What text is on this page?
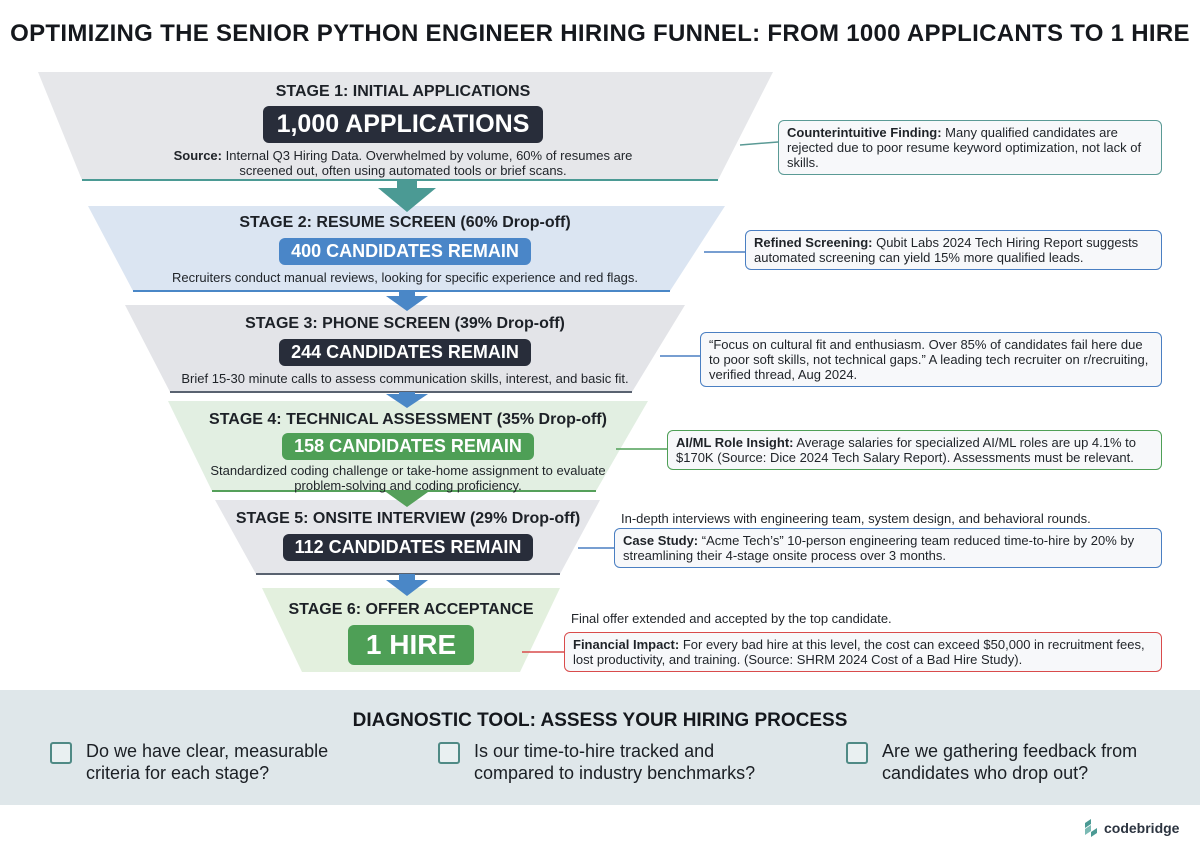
OPTIMIZING THE SENIOR PYTHON ENGINEER HIRING FUNNEL: FROM 1000 APPLICANTS TO 1 HIRE
STAGE 1: INITIAL APPLICATIONS
1,000 APPLICATIONS
Source: Internal Q3 Hiring Data. Overwhelmed by volume, 60% of resumes are screened out, often using automated tools or brief scans.
STAGE 2: RESUME SCREEN (60% Drop-off)
400 CANDIDATES REMAIN
Recruiters conduct manual reviews, looking for specific experience and red flags.
STAGE 3: PHONE SCREEN (39% Drop-off)
244 CANDIDATES REMAIN
Brief 15-30 minute calls to assess communication skills, interest, and basic fit.
STAGE 4: TECHNICAL ASSESSMENT (35% Drop-off)
158 CANDIDATES REMAIN
Standardized coding challenge or take-home assignment to evaluate problem-solving and coding proficiency.
STAGE 5: ONSITE INTERVIEW (29% Drop-off)
112 CANDIDATES REMAIN
STAGE 6: OFFER ACCEPTANCE
1 HIRE
Counterintuitive Finding: Many qualified candidates are rejected due to poor resume keyword optimization, not lack of skills.
Refined Screening: Qubit Labs 2024 Tech Hiring Report suggests automated screening can yield 15% more qualified leads.
“Focus on cultural fit and enthusiasm. Over 85% of candidates fail here due to poor soft skills, not technical gaps.” A leading tech recruiter on r/recruiting, verified thread, Aug 2024.
AI/ML Role Insight: Average salaries for specialized AI/ML roles are up 4.1% to $170K (Source: Dice 2024 Tech Salary Report). Assessments must be relevant.
Case Study: “Acme Tech’s” 10-person engineering team reduced time-to-hire by 20% by streamlining their 4-stage onsite process over 3 months.
Financial Impact: For every bad hire at this level, the cost can exceed $50,000 in recruitment fees, lost productivity, and training. (Source: SHRM 2024 Cost of a Bad Hire Study).
In-depth interviews with engineering team, system design, and behavioral rounds.
Final offer extended and accepted by the top candidate.
DIAGNOSTIC TOOL: ASSESS YOUR HIRING PROCESS
Do we have clear, measurable criteria for each stage?
Is our time-to-hire tracked and compared to industry benchmarks?
Are we gathering feedback from candidates who drop out?
codebridge
